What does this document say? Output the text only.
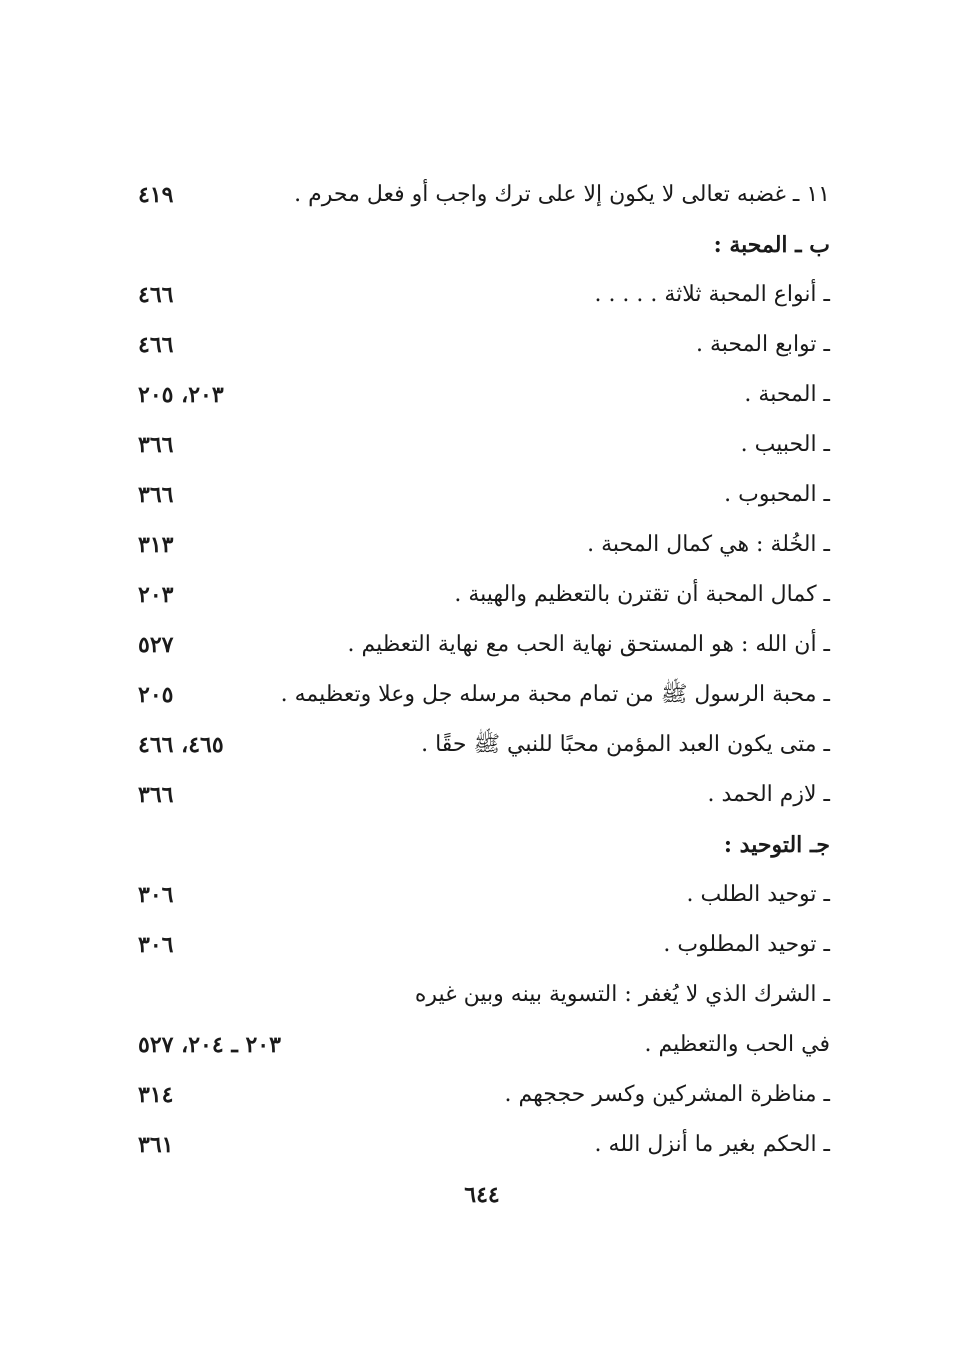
١١ ـ غضبه تعالى لا يكون إلا على ترك واجب أو فعل محرم .
٤١٩
ب ـ المحبة :
ـ أنواع المحبة ثلاثة . . . . .
٤٦٦
ـ توابع المحبة .
٤٦٦
ـ المحبة .
٢٠٣، ٢٠٥
ـ الحبيب .
٣٦٦
ـ المحبوب .
٣٦٦
ـ الخُلة : هي كمال المحبة .
٣١٣
ـ كمال المحبة أن تقترن بالتعظيم والهيبة .
٢٠٣
ـ أن الله : هو المستحق نهاية الحب مع نهاية التعظيم .
٥٢٧
ـ محبة الرسول ﷺ من تمام محبة مرسله جل وعلا وتعظيمه .
٢٠٥
ـ متى يكون العبد المؤمن محبًا للنبي ﷺ حقًا .
٤٦٥، ٤٦٦
ـ لازم الحمد .
٣٦٦
جـ التوحيد :
ـ توحيد الطلب .
٣٠٦
ـ توحيد المطلوب .
٣٠٦
ـ الشرك الذي لا يُغفر : التسوية بينه وبين غيره
في الحب والتعظيم .
٢٠٣ ـ ٢٠٤، ٥٢٧
ـ مناظرة المشركين وكسر حججهم .
٣١٤
ـ الحكم بغير ما أنزل الله .
٣٦١
٦٤٤
